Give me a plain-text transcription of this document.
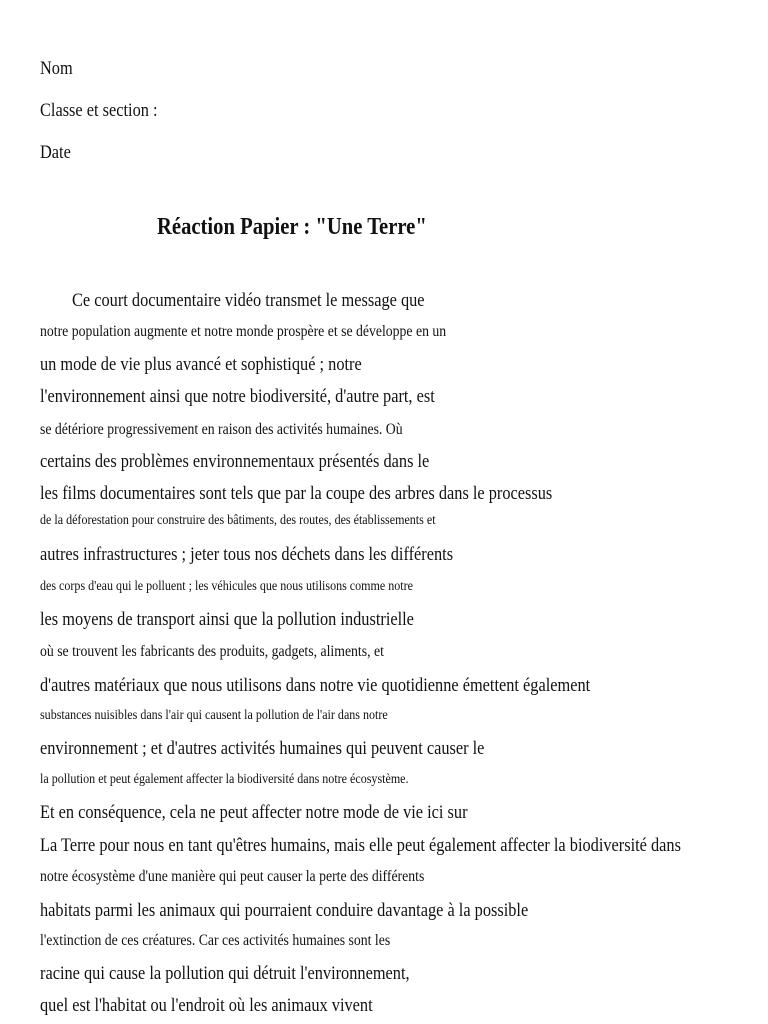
Nom
Classe et section :
Date
Réaction Papier : "Une Terre"
Ce court documentaire vidéo transmet le message que
notre population augmente et notre monde prospère et se développe en un
un mode de vie plus avancé et sophistiqué ; notre
l'environnement ainsi que notre biodiversité, d'autre part, est
se détériore progressivement en raison des activités humaines. Où
certains des problèmes environnementaux présentés dans le
les films documentaires sont tels que par la coupe des arbres dans le processus
de la déforestation pour construire des bâtiments, des routes, des établissements et
autres infrastructures ; jeter tous nos déchets dans les différents
des corps d'eau qui le polluent ; les véhicules que nous utilisons comme notre
les moyens de transport ainsi que la pollution industrielle
où se trouvent les fabricants des produits, gadgets, aliments, et
d'autres matériaux que nous utilisons dans notre vie quotidienne émettent également
substances nuisibles dans l'air qui causent la pollution de l'air dans notre
environnement ; et d'autres activités humaines qui peuvent causer le
la pollution et peut également affecter la biodiversité dans notre écosystème.
Et en conséquence, cela ne peut affecter notre mode de vie ici sur
La Terre pour nous en tant qu'êtres humains, mais elle peut également affecter la biodiversité dans
notre écosystème d'une manière qui peut causer la perte des différents
habitats parmi les animaux qui pourraient conduire davantage à la possible
l'extinction de ces créatures. Car ces activités humaines sont les
racine qui cause la pollution qui détruit l'environnement,
quel est l'habitat ou l'endroit où les animaux vivent
